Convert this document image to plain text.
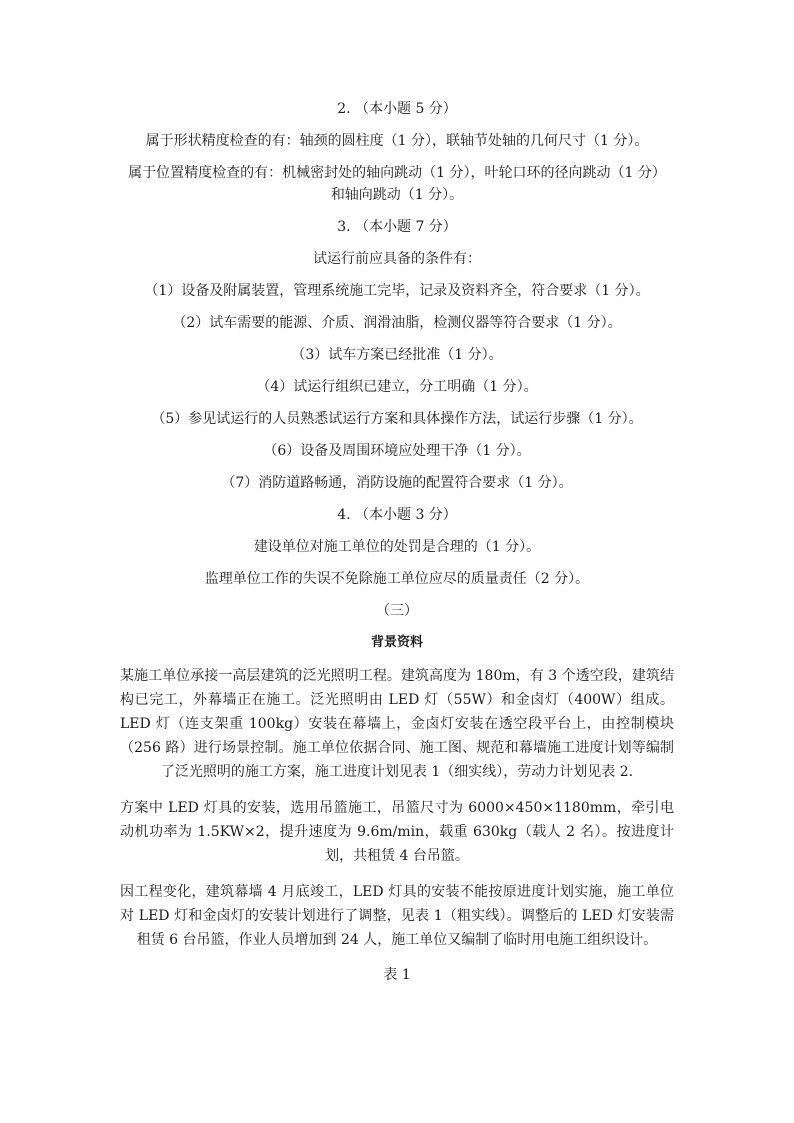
2. （本小题 5 分）

属于形状精度检查的有：轴颈的圆柱度（1 分），联轴节处轴的几何尺寸（1 分）。

属于位置精度检查的有：机械密封处的轴向跳动（1 分），叶轮口环的径向跳动（1 分）

和轴向跳动（1 分）。

3. （本小题 7 分）

试运行前应具备的条件有：

（1）设备及附属装置，管理系统施工完毕，记录及资料齐全，符合要求（1 分）。

（2）试车需要的能源、介质、润滑油脂，检测仪器等符合要求（1 分）。

（3）试车方案已经批准（1 分）。

（4）试运行组织已建立，分工明确（1 分）。

（5）参见试运行的人员熟悉试运行方案和具体操作方法，试运行步骤（1 分）。

（6）设备及周围环境应处理干净（1 分）。

（7）消防道路畅通，消防设施的配置符合要求（1 分）。

4. （本小题 3 分）

建设单位对施工单位的处罚是合理的（1 分）。

监理单位工作的失误不免除施工单位应尽的质量责任（2 分）。

（三）

背景资料

某施工单位承接一高层建筑的泛光照明工程。建筑高度为 180m，有 3 个透空段，建筑结构已完工，外幕墙正在施工。泛光照明由 LED 灯（55W）和金卤灯（400W）组成。LED 灯（连支架重 100kg）安装在幕墙上，金卤灯安装在透空段平台上，由控制模块（256 路）进行场景控制。施工单位依据合同、施工图、规范和幕墙施工进度计划等编制了泛光照明的施工方案，施工进度计划见表 1（细实线），劳动力计划见表 2.

方案中 LED 灯具的安装，选用吊篮施工，吊篮尺寸为 6000×450×1180mm，牵引电动机功率为 1.5KW×2，提升速度为 9.6m/min，载重 630kg（载人 2 名）。按进度计划，共租赁 4 台吊篮。

因工程变化，建筑幕墙 4 月底竣工，LED 灯具的安装不能按原进度计划实施，施工单位对 LED 灯和金卤灯的安装计划进行了调整，见表 1（粗实线）。调整后的 LED 灯安装需租赁 6 台吊篮，作业人员增加到 24 人，施工单位又编制了临时用电施工组织设计。

表 1
